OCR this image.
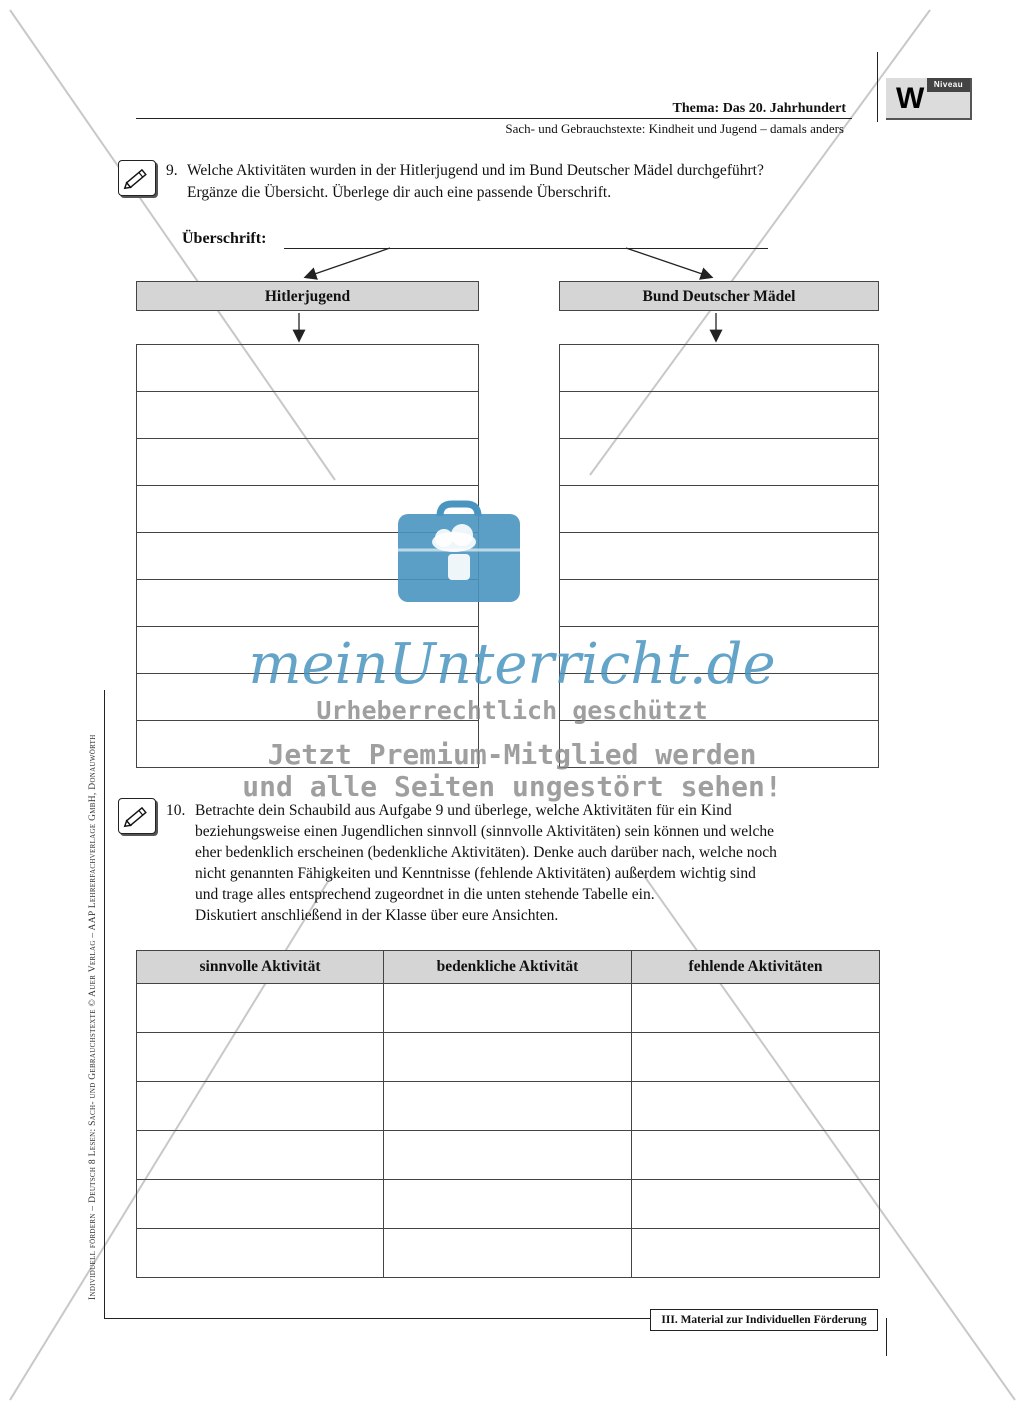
W	Niveau
Thema: Das 20. Jahrhundert
Sach- und Gebrauchstexte: Kindheit und Jugend – damals anders
9. Welche Aktivitäten wurden in der Hitlerjugend und im Bund Deutscher Mädel durchgeführt?
Ergänze die Übersicht. Überlege dir auch eine passende Überschrift.
Überschrift:
Hitlerjugend	Bund Deutscher Mädel
10. Betrachte dein Schaubild aus Aufgabe 9 und überlege, welche Aktivitäten für ein Kind
beziehungsweise einen Jugendlichen sinnvoll (sinnvolle Aktivitäten) sein können und welche
eher bedenklich erscheinen (bedenkliche Aktivitäten). Denke auch darüber nach, welche noch
nicht genannten Fähigkeiten und Kenntnisse (fehlende Aktivitäten) außerdem wichtig sind
und trage alles entsprechend zugeordnet in die unten stehende Tabelle ein.
Diskutiert anschließend in der Klasse über eure Ansichten.
sinnvolle Aktivität	bedenkliche Aktivität	fehlende Aktivitäten

Individuell fördern – Deutsch 8 Lesen: Sach- und Gebrauchstexte © Auer Verlag – AAP Lehrerfachverlage GmbH, Donauwörth
III. Material zur Individuellen Förderung
meinUnterricht.de
Urheberrechtlich geschützt
Jetzt Premium-Mitglied werden
und alle Seiten ungestört sehen!
